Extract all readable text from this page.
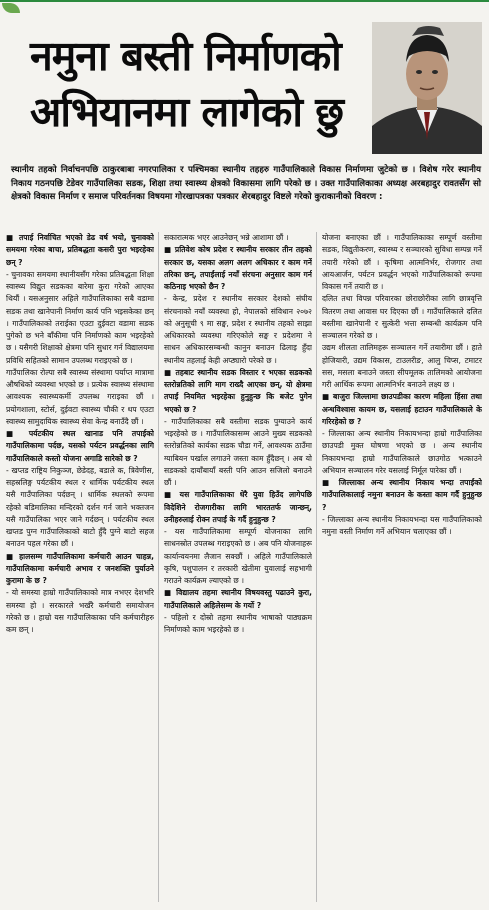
नमुना बस्ती निर्माणको
अभियानमा लागेको छु
स्थानीय तहको निर्वाचनपछि ठाकुरबाबा नगरपालिका र पश्चिमका स्थानीय तहहरु गाउँपालिकाले विकास निर्माणमा जुटेको छ । विशेष गरेर स्थानीय निकाय गठनपछि टेडेवर गाउँपालिका सडक, शिक्षा तथा स्वास्थ्य क्षेत्रको विकासमा लागि परेको छ । उक्त गाउँपालिकाका अध्यक्ष अरबहादुर रावतसँग सो क्षेत्रको विकास निर्माण र समाज परिवर्तनका विषयमा गोरखापत्रका पत्रकार शेरबहादुर विष्टले गरेको कुराकानीको विवरण :

■ तपाई निर्वाचित भएको डेढ वर्ष भयो, चुनावको समयमा गरेका बाचा, प्रतिबद्धता कसरी पुरा भइरहेका छन् ?

- चुनावका समयमा स्थानीयसँग गरेका प्रतिबद्धता शिक्षा स्वास्थ्य विद्युत सडकका बारेमा कुरा गरेकोे आएका थियौं । यसअनुसार अहिले गाउँपालिकाका सबै वडामा सडक तथा खानेपानी निर्माण कार्य पनि भइसकेका छन् । गाउँपालिकाको तराईका एउटा दुईवटा वडामा सडक पुगेको छ भने बाँकीमा पनि निर्माणको काम भइरहेको छ । यसैगरी शिक्षाको क्षेत्रमा पनि सुधार गर्न विद्यालयमा प्रविधि सहितको सामान उपलब्ध गराइएको छ ।

गाउँपालिका रोल्पा सबै स्वास्थ्य संस्थामा पर्याप्त मात्रामा औषधिको व्यवस्था भएको छ । प्रत्येक स्वास्थ्य संस्थामा आवश्यक स्वास्थ्यकर्मी उपलब्ध गराइका छौं । प्रयोगशाला, स्टोर्स, दुईवटा स्वास्थ्य चौकी र थप एउटा स्वास्थ्य सामुदायिक स्वास्थ्य सेवा केन्द्र बनाउँदै छौं ।

■ पर्यटकीय स्थल खानाड पनि तपाईको गाउँपालिकामा पर्दछ, यसको पर्यटन प्रवर्द्धनका लागि गाउँपालिकाले कस्तो योजना अगाडि सारेको छ ?

- खप्तड राष्ट्रिय निकुञ्ज, छेडेदह, बडाले क, त्रिवेणीस, सहस्रलिङ्ग पर्यटकीय स्थल र धार्मिक पर्यटकीय स्थल यसै गाउँपालिका पर्दछन् । धार्मिक स्थलको रूपमा रहेको बडिमालिका मन्दिरको दर्शन गर्न जाने भक्तजन यसै गाउँपालिका भएर जाने गर्दछन् । पर्यटकीय स्थल खप्तड पुग्न गाउँपालिकाको बाटो हुँदै पुग्ने बाटो सहज बनाउन पहल गरेका छौं ।

■ हालसम्म गाउँपालिकामा कर्मचारी आउन चाहन्न, गाउँपालिकामा कर्मचारी अभाव र जनशक्ति पुर्याउने कुरामा के छ ?

- यो समस्या हाम्रो गाउँपालिकाको मात्र नभएर देशभरि समस्या हो । सरकारले भर्खरै कर्मचारी समायोजन गरेको छ । हाम्रो यस गाउँपालिकाका पनि कर्मचारीहरु कम छन् ।

सकारात्मक भएर आउनेछन् भन्ने आशामा छौं ।

■ प्रतिवेश कोष प्रदेश र स्थानीय सरकार तीन तहको सरकार छ, यसका अलग अलग अधिकार र काम गर्ने तरिका छन्, तपाईंलाई नयाँ संरचना अनुसार काम गर्न कठिनाइ भएको छैन ?

- केन्द्र, प्रदेश र स्थानीय सरकार देशको संघीय संरचनाको नयाँ व्यवस्था हो, नेपालको संविधान २०७२ को अनुसूची ९ मा सङ्घ, प्रदेश र स्थानीय तहको साझा अधिकारको व्यवस्था गरिएकोले सङ्घ र प्रदेशमा ने साधन अधिकारसम्बन्धी कानुन बनाउन ढिलाइ हुँदा स्थानीय तहलाई केही अप्ठ्यारो परेको छ ।

■ तहबाट स्थानीय सडक विस्तार र भएका सडकको स्तरोन्नतिको लागि माग राख्दै आएका छन्, यो क्षेत्रमा तपाईं नियमित भइरहेका हुनुहुन्छ कि बजेट पुगेन भएको छ ?

- गाउँपालिकाका सबै वस्तीमा सडक पुग्याउने कार्य भइरहेको छ । गाउँपालिकासम्म आउने मुख्य सडकको स्तरोन्नतिको कार्यका सडक चौडा गर्ने, आवश्यक ठाउँमा ग्याबियन पर्खाल लगाउने जस्ता काम हुँदैछन् । अब यो सडकको दायाँबायाँ बस्ती पनि आउन सजिलो बनाउने छौं ।

■ यस गाउँपालिकाका धेरै युवा हिउँद लागेपछि विदेशिने रोजगारीका लागि भारततर्फ जान्छन्, उनीहरुलाई रोक्न तपाईं के गर्दै हुनुहुन्छ ?

- यस गाउँपालिकामा सम्पूर्ण योजनाका लागि साधनस्रोत उपलब्ध गराइएको छ । अब पनि योजनाहरू कार्यान्वयनमा लैजान सक्छौं । अहिले गाउँपालिकाले कृषि, पशुपालन र तरकारी खेतीमा युवालाई सहभागी गराउने कार्यक्रम ल्याएको छ ।

■ विद्यालय तहमा स्थानीय विषयवस्तु पढाउने कुरा, गाउँपालिकाले अहिलेसम्म के गर्यो ?

- पहिलो र दोस्रो तहमा स्थानीय भाषाको पाठ्यक्रम निर्माणको काम भइरहेको छ ।

योजना बनाएका छौं । गाउँपालिकाका सम्पूर्ण वस्तीमा सडक, विद्युतीकरण, स्वास्थ्य र सञ्चारको सुविधा सम्पन्न गर्ने तयारी गरेको छौं । कृषिमा आत्मनिर्भर, रोजगार तथा आयआर्जन, पर्यटन प्रवर्द्धन भएको गाउँपालिकाको रूपमा विकास गर्ने तयारी छ ।

दलित तथा विपन्न परिवारका छोराछोरीका लागि छात्रवृत्ति वितरण तथा आवास घर दिएका छौं । गाउँपालिकाले दलित बस्तीमा खानेपानी र सुत्केरी भत्ता सम्बन्धी कार्यक्रम पनि सञ्चालन गरेको छ ।

उद्यम शीलता तालिमहरू सञ्चालन गर्ने तयारीमा छौं । हाते होजियारी, उद्यम विकास, टाउलरीङ, आलु चिप्स, टमाटर सस, मसला बनाउने जस्ता सीपमूलक तालिमको आयोजना गरी आर्थिक रूपमा आत्मनिर्भर बनाउने लक्ष्य छ ।

■ बाजुरा जिल्लामा छाउपडीका कारण महिला हिंसा तथा अन्धविश्वास कायम छ, यसलाई हटाउन गाउँपालिकाले के गरिरहेको छ ?

- जिल्लाका अन्य स्थानीय निकायभन्दा हाम्रो गाउँपालिका छाउपडी मुक्त घोषणा भएको छ । अन्य स्थानीय निकायभन्दा हाम्रो गाउँपालिकाले छाउगोठ भत्काउने अभियान सञ्चालन गरेर यसलाई निर्मूल पारेका छौं ।

■ जिल्लाका अन्य स्थानीय निकाय भन्दा तपाईंको गाउँपालिकालाई नमुना बनाउन के कस्ता काम गर्दै हुनुहुन्छ ?

- जिल्लाका अन्य स्थानीय निकायभन्दा यस गाउँपालिकाको नमुना वस्ती निर्माण गर्ने अभियान चलाएका छौं ।
